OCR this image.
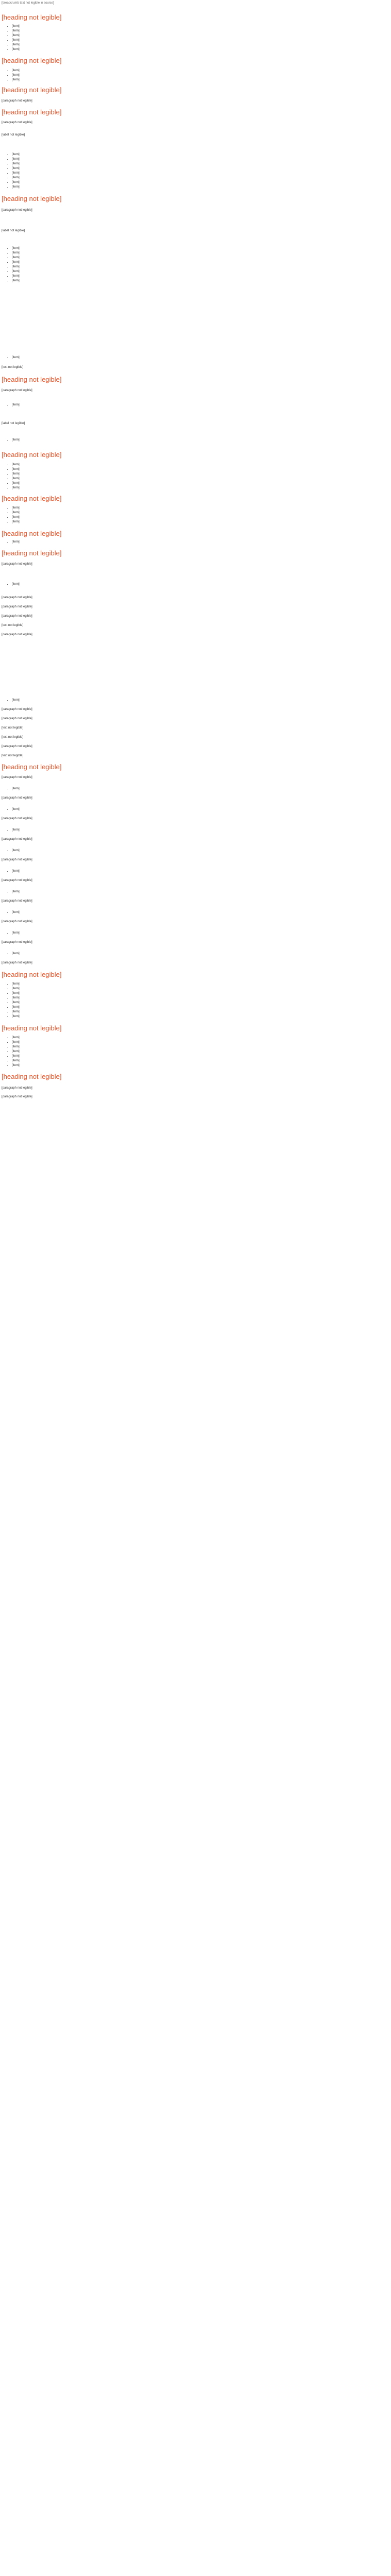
[breadcrumb text not legible in source]
[heading not legible]
• [item]
• [item]
• [item]
• [item]
• [item]
• [item]
[heading not legible]
• [item]
• [item]
• [item]
[heading not legible]

[paragraph not legible]

[heading not legible]

[paragraph not legible]

[label not legible]

• [item]
• [item]
• [item]
• [item]
• [item]
• [item]
• [item]
• [item]
[heading not legible]

[paragraph not legible]

[label not legible]

• [item]
• [item]
• [item]
• [item]
• [item]
• [item]
• [item]
• [item]
• [item]

[text not legible]

[heading not legible]

[paragraph not legible]

• [item]

[label not legible]

• [item]
[heading not legible]
• [item]
• [item]
• [item]
• [item]
• [item]
• [item]
[heading not legible]
• [item]
• [item]
• [item]
• [item]
[heading not legible]
• [item]
[heading not legible]

[paragraph not legible]

• [item]

[paragraph not legible]

[paragraph not legible]

[paragraph not legible]

[text not legible]

[paragraph not legible]

• [item]

[paragraph not legible]

[paragraph not legible]

[text not legible]

[text not legible]

[paragraph not legible]

[text not legible]

[heading not legible]

[paragraph not legible]

• [item]

[paragraph not legible]

• [item]

[paragraph not legible]

• [item]

[paragraph not legible]

• [item]

[paragraph not legible]

• [item]

[paragraph not legible]

• [item]

[paragraph not legible]

• [item]

[paragraph not legible]

• [item]

[paragraph not legible]

• [item]

[paragraph not legible]

[heading not legible]
• [item]
• [item]
• [item]
• [item]
• [item]
• [item]
• [item]
• [item]
[heading not legible]
• [item]
• [item]
• [item]
• [item]
• [item]
• [item]
• [item]
[heading not legible]

[paragraph not legible]

[paragraph not legible]
